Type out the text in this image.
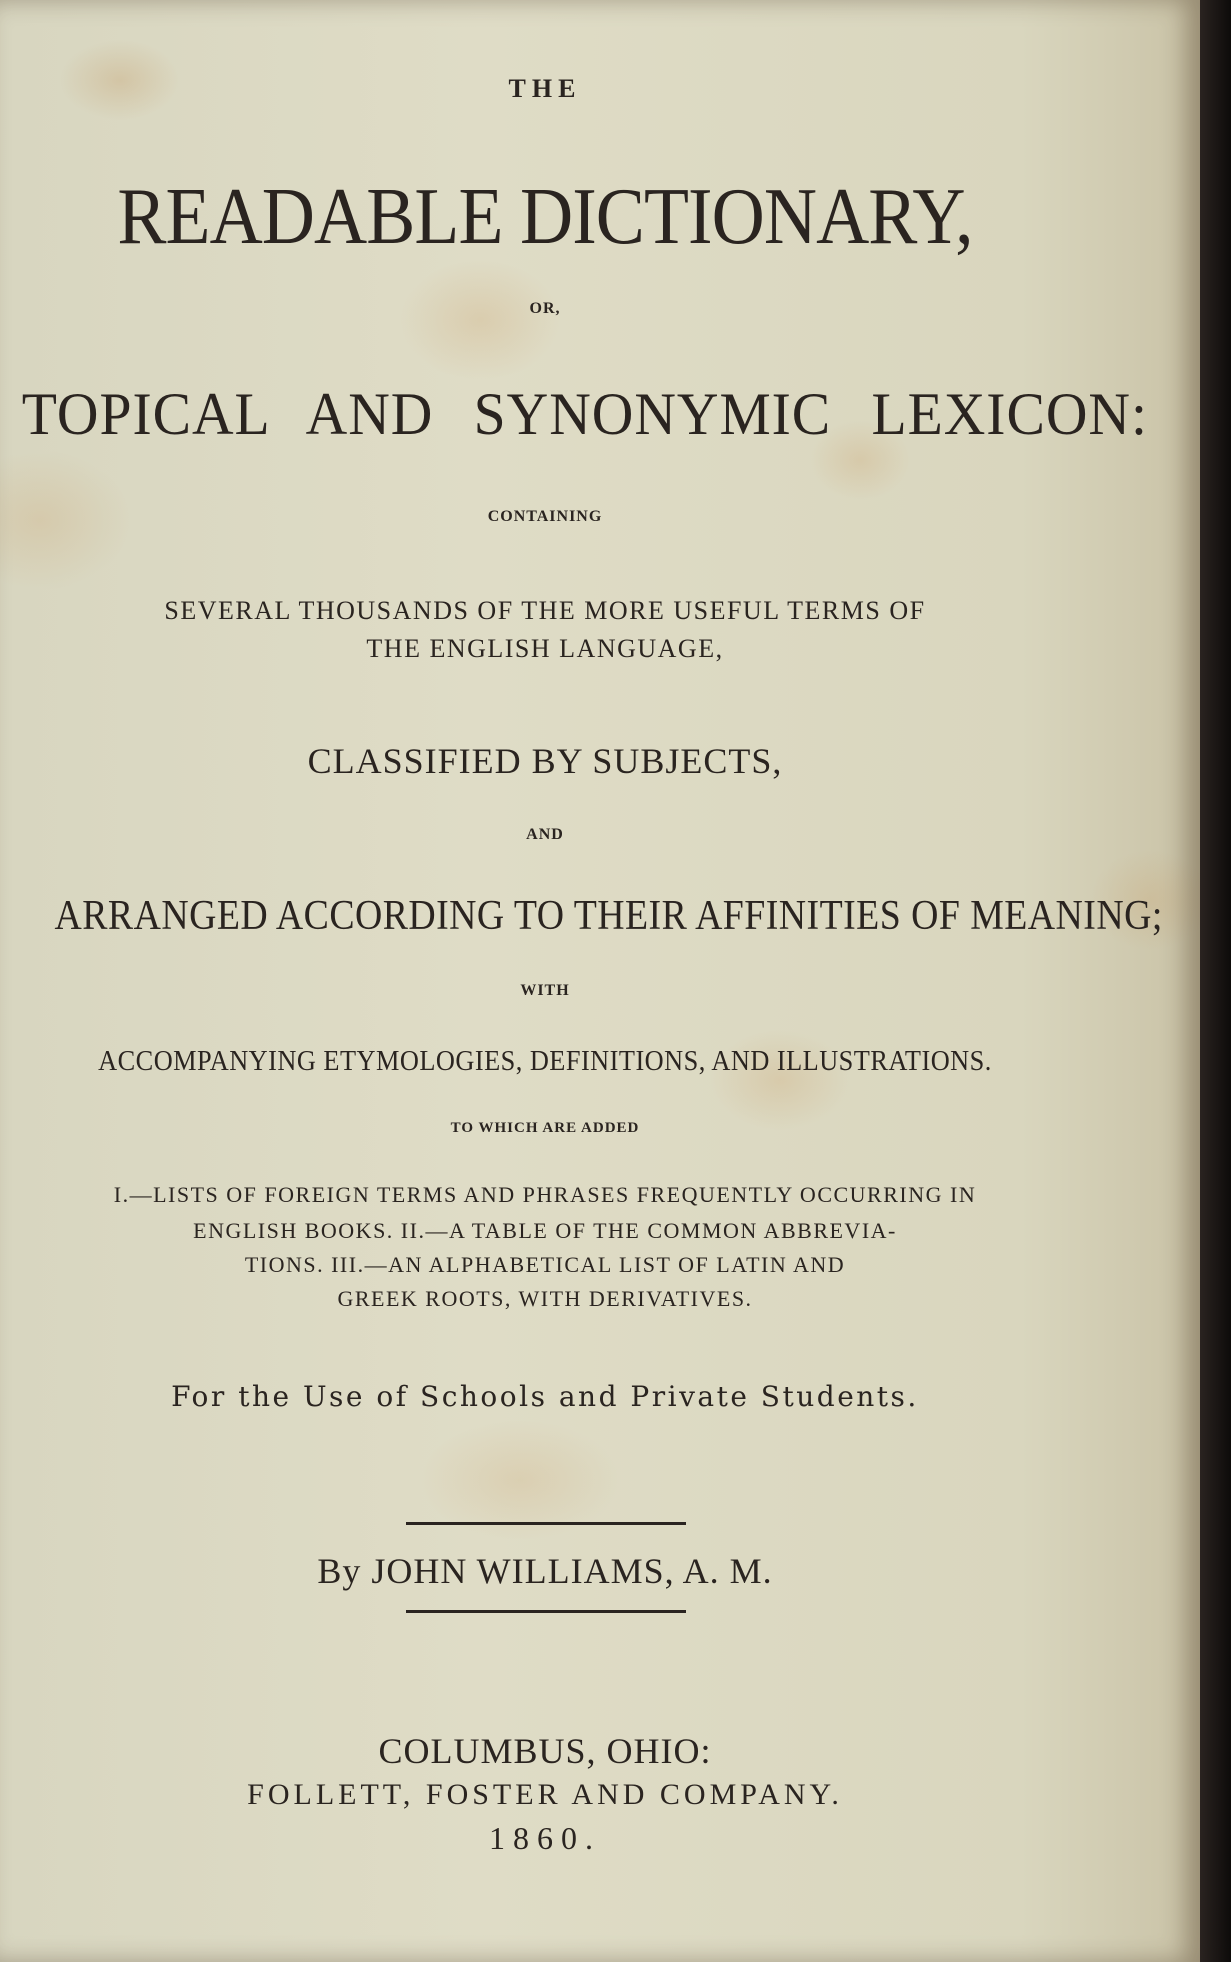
THE
READABLE DICTIONARY,
OR,
TOPICAL AND SYNONYMIC LEXICON:
CONTAINING
SEVERAL THOUSANDS OF THE MORE USEFUL TERMS OF
THE ENGLISH LANGUAGE,
CLASSIFIED BY SUBJECTS,
AND
ARRANGED ACCORDING TO THEIR AFFINITIES OF MEANING;
WITH
ACCOMPANYING ETYMOLOGIES, DEFINITIONS, AND ILLUSTRATIONS.
TO WHICH ARE ADDED
I.—LISTS OF FOREIGN TERMS AND PHRASES FREQUENTLY OCCURRING IN
ENGLISH BOOKS. II.—A TABLE OF THE COMMON ABBREVIA-
TIONS. III.—AN ALPHABETICAL LIST OF LATIN AND
GREEK ROOTS, WITH DERIVATIVES.
For the Use of Schools and Private Students.
By JOHN WILLIAMS, A. M.
COLUMBUS, OHIO:
FOLLETT, FOSTER AND COMPANY.
1860.
